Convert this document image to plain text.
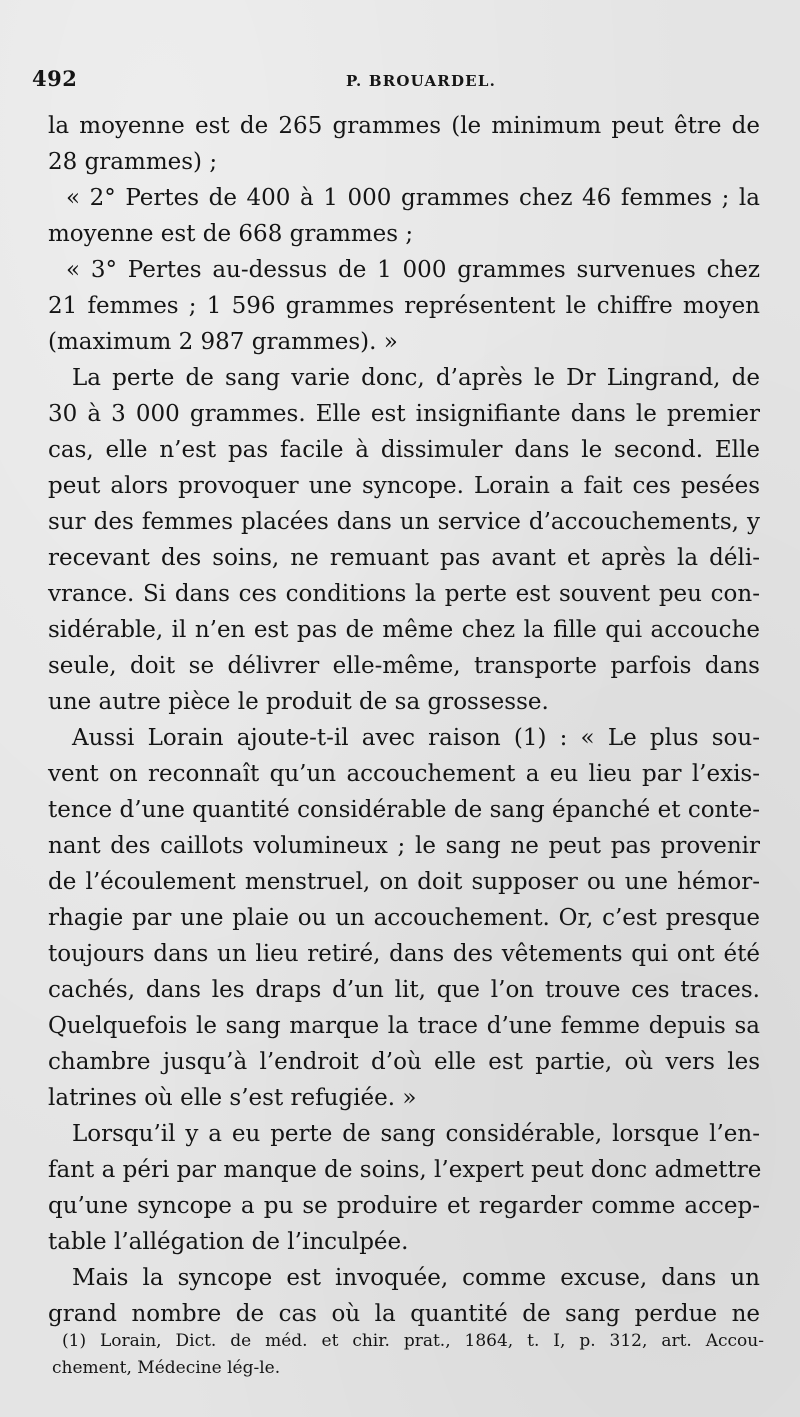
492	P. BROUARDEL.
la moyenne est de 265 grammes (le minimum peut être de
28 grammes) ;
« 2° Pertes de 400 à 1 000 grammes chez 46 femmes ; la
moyenne est de 668 grammes ;
« 3° Pertes au-dessus de 1 000 grammes survenues chez
21 femmes ; 1 596 grammes représentent le chiffre moyen
(maximum 2 987 grammes). »
La perte de sang varie donc, d’après le Dr Lingrand, de
30 à 3 000 grammes. Elle est insignifiante dans le premier
cas, elle n’est pas facile à dissimuler dans le second. Elle
peut alors provoquer une syncope. Lorain a fait ces pesées
sur des femmes placées dans un service d’accouchements, y
recevant des soins, ne remuant pas avant et après la déli-
vrance. Si dans ces conditions la perte est souvent peu con-
sidérable, il n’en est pas de même chez la fille qui accouche
seule, doit se délivrer elle-même, transporte parfois dans
une autre pièce le produit de sa grossesse.
Aussi Lorain ajoute-t-il avec raison (1) : « Le plus sou-
vent on reconnaît qu’un accouchement a eu lieu par l’exis-
tence d’une quantité considérable de sang épanché et conte-
nant des caillots volumineux ; le sang ne peut pas provenir
de l’écoulement menstruel, on doit supposer ou une hémor-
rhagie par une plaie ou un accouchement. Or, c’est presque
toujours dans un lieu retiré, dans des vêtements qui ont été
cachés, dans les draps d’un lit, que l’on trouve ces traces.
Quelquefois le sang marque la trace d’une femme depuis sa
chambre jusqu’à l’endroit d’où elle est partie, où vers les
latrines où elle s’est refugiée. »
Lorsqu’il y a eu perte de sang considérable, lorsque l’en-
fant a péri par manque de soins, l’expert peut donc admettre
qu’une syncope a pu se produire et regarder comme accep-
table l’allégation de l’inculpée.
Mais la syncope est invoquée, comme excuse, dans un
grand nombre de cas où la quantité de sang perdue ne
(1) Lorain, Dict. de méd. et chir. prat., 1864, t. I, p. 312, art. Accou-
chement, Médecine lég-le.
